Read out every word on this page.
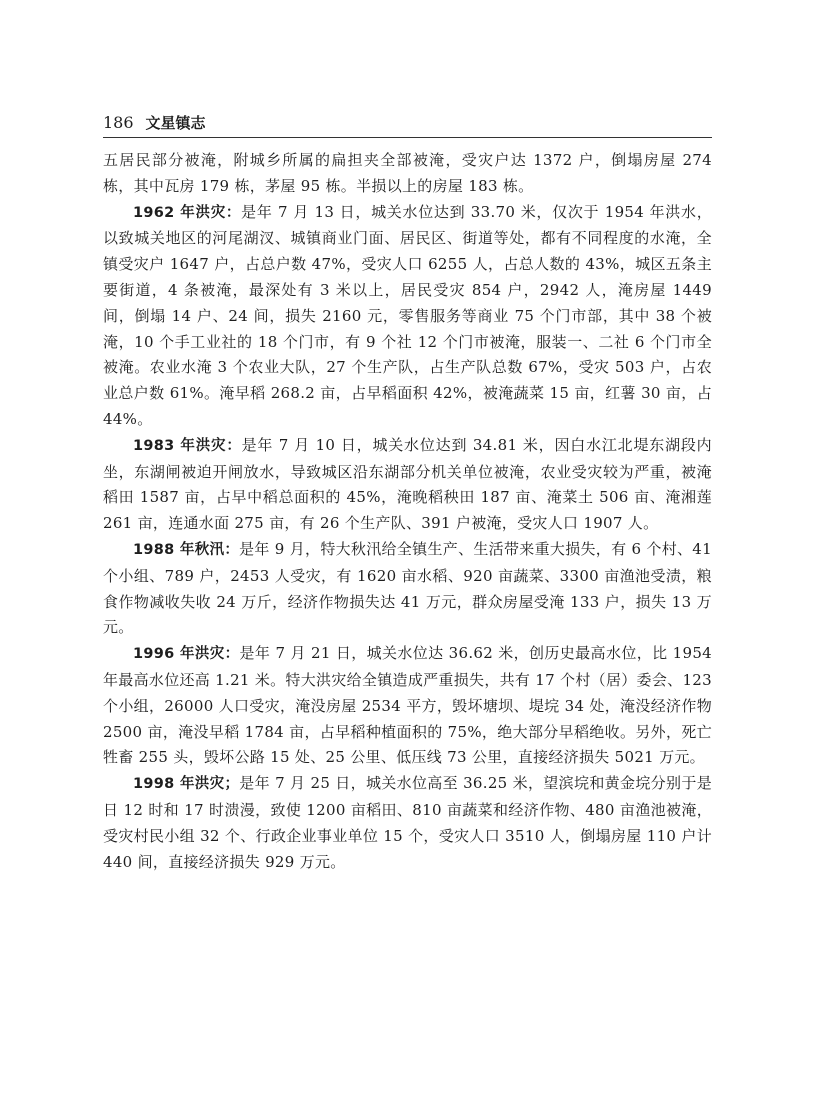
186 文星镇志

五居民部分被淹，附城乡所属的扁担夹全部被淹，受灾户达 1372 户，倒塌房屋 274 栋，其中瓦房 179 栋，茅屋 95 栋。半损以上的房屋 183 栋。

1962 年洪灾：是年 7 月 13 日，城关水位达到 33.70 米，仅次于 1954 年洪水，以致城关地区的河尾湖汊、城镇商业门面、居民区、街道等处，都有不同程度的水淹，全镇受灾户 1647 户，占总户数 47%，受灾人口 6255 人，占总人数的 43%，城区五条主要街道，4 条被淹，最深处有 3 米以上，居民受灾 854 户，2942 人，淹房屋 1449 间，倒塌 14 户、24 间，损失 2160 元，零售服务等商业 75 个门市部，其中 38 个被淹，10 个手工业社的 18 个门市，有 9 个社 12 个门市被淹，服装一、二社 6 个门市全被淹。农业水淹 3 个农业大队，27 个生产队，占生产队总数 67%，受灾 503 户，占农业总户数 61%。淹早稻 268.2 亩，占早稻面积 42%，被淹蔬菜 15 亩，红薯 30 亩，占 44%。

1983 年洪灾：是年 7 月 10 日，城关水位达到 34.81 米，因白水江北堤东湖段内坐，东湖闸被迫开闸放水，导致城区沿东湖部分机关单位被淹，农业受灾较为严重，被淹稻田 1587 亩，占早中稻总面积的 45%，淹晚稻秧田 187 亩、淹菜土 506 亩、淹湘莲 261 亩，连通水面 275 亩，有 26 个生产队、391 户被淹，受灾人口 1907 人。

1988 年秋汛：是年 9 月，特大秋汛给全镇生产、生活带来重大损失，有 6 个村、41 个小组、789 户，2453 人受灾，有 1620 亩水稻、920 亩蔬菜、3300 亩渔池受渍，粮食作物减收失收 24 万斤，经济作物损失达 41 万元，群众房屋受淹 133 户，损失 13 万元。

1996 年洪灾：是年 7 月 21 日，城关水位达 36.62 米，创历史最高水位，比 1954 年最高水位还高 1.21 米。特大洪灾给全镇造成严重损失，共有 17 个村（居）委会、123 个小组，26000 人口受灾，淹没房屋 2534 平方，毁坏塘坝、堤垸 34 处，淹没经济作物 2500 亩，淹没早稻 1784 亩，占早稻种植面积的 75%，绝大部分早稻绝收。另外，死亡牲畜 255 头，毁坏公路 15 处、25 公里、低压线 73 公里，直接经济损失 5021 万元。

1998 年洪灾；是年 7 月 25 日，城关水位高至 36.25 米，望滨垸和黄金垸分别于是日 12 时和 17 时溃漫，致使 1200 亩稻田、810 亩蔬菜和经济作物、480 亩渔池被淹，受灾村民小组 32 个、行政企业事业单位 15 个，受灾人口 3510 人，倒塌房屋 110 户计 440 间，直接经济损失 929 万元。
